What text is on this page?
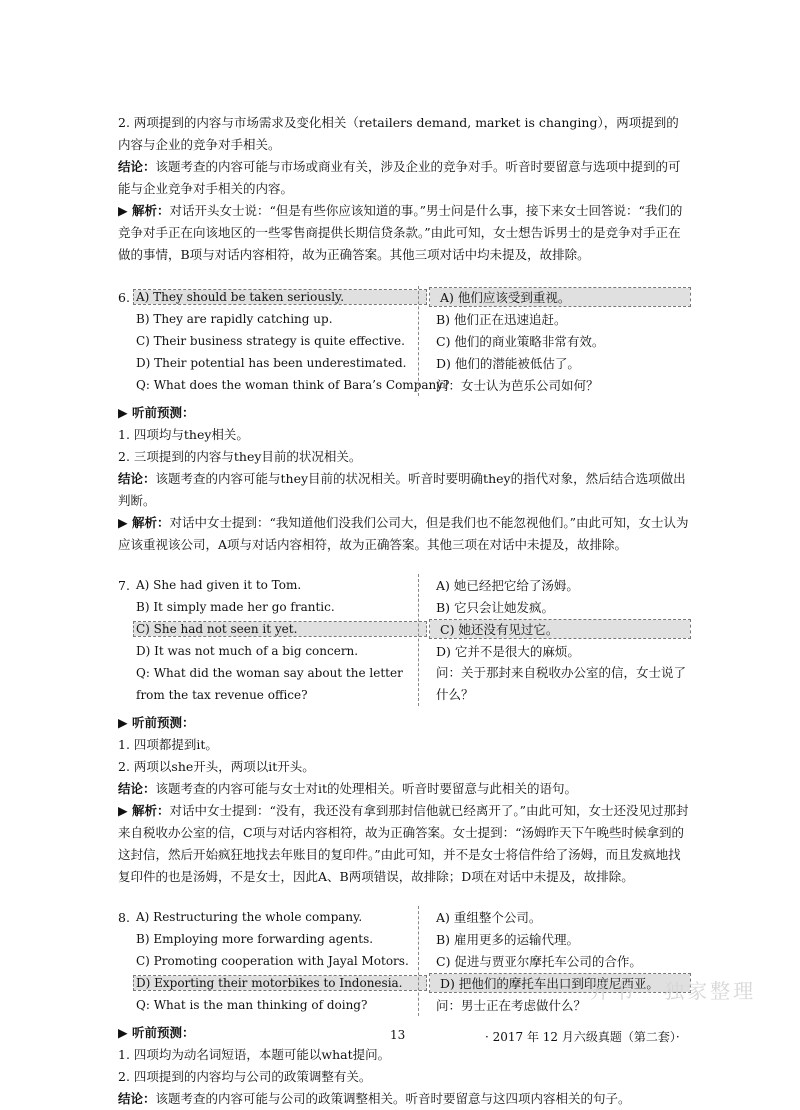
2. 两项提到的内容与市场需求及变化相关（retailers demand, market is changing），两项提到的内容与企业的竞争对手相关。

结论：该题考查的内容可能与市场或商业有关，涉及企业的竞争对手。听音时要留意与选项中提到的可能与企业竞争对手相关的内容。

▶ 解析：对话开头女士说：“但是有些你应该知道的事。”男士问是什么事，接下来女士回答说：“我们的竞争对手正在向该地区的一些零售商提供长期信贷条款。”由此可知，女士想告诉男士的是竞争对手正在做的事情，B项与对话内容相符，故为正确答案。其他三项对话中均未提及，故排除。

6. A) They should be taken seriously.	A) 他们应该受到重视。
B) They are rapidly catching up.	B) 他们正在迅速追赶。
C) Their business strategy is quite effective.	C) 他们的商业策略非常有效。
D) Their potential has been underestimated.	D) 他们的潜能被低估了。
Q: What does the woman think of Bara’s Company?
问：女士认为芭乐公司如何？

▶ 听前预测：

1. 四项均与they相关。

2. 三项提到的内容与they目前的状况相关。

结论：该题考查的内容可能与they目前的状况相关。听音时要明确they的指代对象，然后结合选项做出判断。

▶ 解析：对话中女士提到：“我知道他们没我们公司大，但是我们也不能忽视他们。”由此可知，女士认为应该重视该公司，A项与对话内容相符，故为正确答案。其他三项在对话中未提及，故排除。

7. A) She had given it to Tom.	A) 她已经把它给了汤姆。
B) It simply made her go frantic.	B) 它只会让她发疯。
C) She had not seen it yet.	C) 她还没有见过它。
D) It was not much of a big concern.	D) 它并不是很大的麻烦。
Q: What did the woman say about the letter from the tax revenue office?
问：关于那封来自税收办公室的信，女士说了什么？

▶ 听前预测：

1. 四项都提到it。

2. 两项以she开头，两项以it开头。

结论：该题考查的内容可能与女士对it的处理相关。听音时要留意与此相关的语句。

▶ 解析：对话中女士提到：“没有，我还没有拿到那封信他就已经离开了。”由此可知，女士还没见过那封来自税收办公室的信，C项与对话内容相符，故为正确答案。女士提到：“汤姆昨天下午晚些时候拿到的这封信，然后开始疯狂地找去年账目的复印件。”由此可知，并不是女士将信件给了汤姆，而且发疯地找复印件的也是汤姆，不是女士，因此A、B两项错误，故排除；D项在对话中未提及，故排除。

8. A) Restructuring the whole company.	A) 重组整个公司。
B) Employing more forwarding agents.	B) 雇用更多的运输代理。
C) Promoting cooperation with Jayal Motors.	C) 促进与贾亚尔摩托车公司的合作。
D) Exporting their motorbikes to Indonesia.	D) 把他们的摩托车出口到印度尼西亚。
Q: What is the man thinking of doing?	问：男士正在考虑做什么？

▶ 听前预测：

1. 四项均为动名词短语，本题可能以what提问。

2. 四项提到的内容均与公司的政策调整有关。

结论：该题考查的内容可能与公司的政策调整相关。听音时要留意与这四项内容相关的句子。

开书 · 独家整理
13	· 2017 年 12 月六级真题（第二套）·
